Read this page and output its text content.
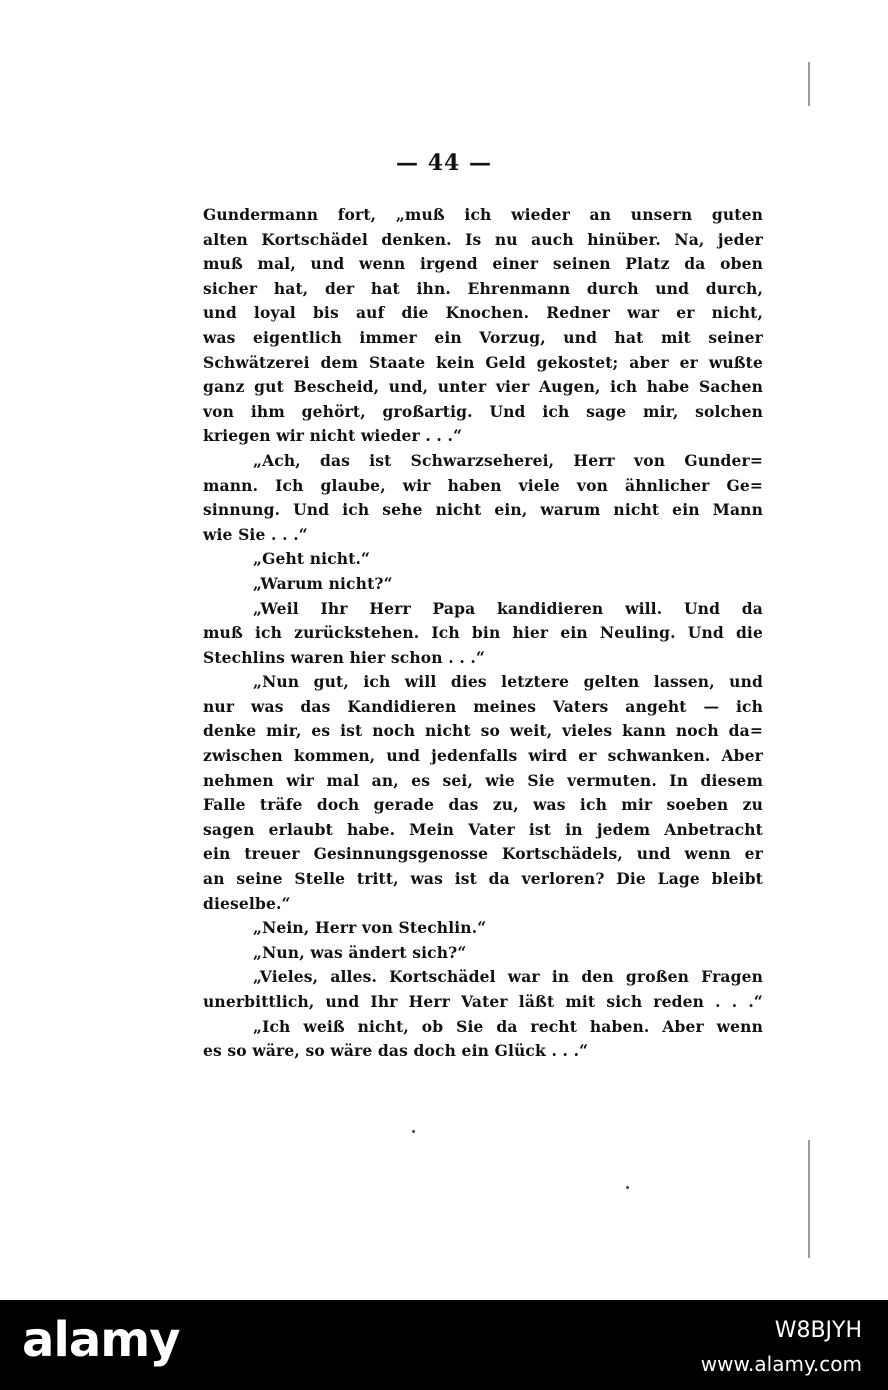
— 44 —
Gundermann fort, „muß ich wieder an unsern guten
alten Kortschädel denken. Is nu auch hinüber. Na, jeder
muß mal, und wenn irgend einer seinen Platz da oben
sicher hat, der hat ihn. Ehrenmann durch und durch,
und loyal bis auf die Knochen. Redner war er nicht,
was eigentlich immer ein Vorzug, und hat mit seiner
Schwätzerei dem Staate kein Geld gekostet; aber er wußte
ganz gut Bescheid, und, unter vier Augen, ich habe Sachen
von ihm gehört, großartig. Und ich sage mir, solchen
kriegen wir nicht wieder . . .“
„Ach, das ist Schwarzseherei, Herr von Gunder=
mann. Ich glaube, wir haben viele von ähnlicher Ge=
sinnung. Und ich sehe nicht ein, warum nicht ein Mann
wie Sie . . .“
„Geht nicht.“
„Warum nicht?“
„Weil Ihr Herr Papa kandidieren will. Und da
muß ich zurückstehen. Ich bin hier ein Neuling. Und die
Stechlins waren hier schon . . .“
„Nun gut, ich will dies letztere gelten lassen, und
nur was das Kandidieren meines Vaters angeht — ich
denke mir, es ist noch nicht so weit, vieles kann noch da=
zwischen kommen, und jedenfalls wird er schwanken. Aber
nehmen wir mal an, es sei, wie Sie vermuten. In diesem
Falle träfe doch gerade das zu, was ich mir soeben zu
sagen erlaubt habe. Mein Vater ist in jedem Anbetracht
ein treuer Gesinnungsgenosse Kortschädels, und wenn er
an seine Stelle tritt, was ist da verloren? Die Lage bleibt
dieselbe.“
„Nein, Herr von Stechlin.“
„Nun, was ändert sich?“
„Vieles, alles. Kortschädel war in den großen Fragen
unerbittlich, und Ihr Herr Vater läßt mit sich reden . . .“
„Ich weiß nicht, ob Sie da recht haben. Aber wenn
es so wäre, so wäre das doch ein Glück . . .“
alamy	W8BJYH
www.alamy.com
